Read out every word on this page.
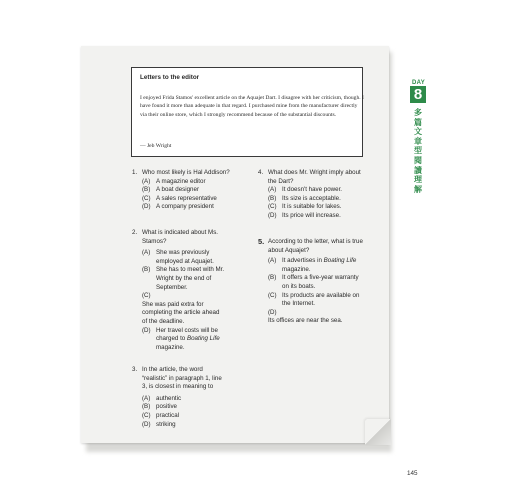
Letters to the editor
I enjoyed Frida Stamos' excellent article on the Aquajet Dart. I disagree with her criticism, though. I have found it more than adequate in that regard. I purchased mine from the manufacturer directly via their online store, which I strongly recommend because of the substantial discounts.
— Jeb Wright
1. Who most likely is Hal Addison?
(A) A magazine editor
(B) A boat designer
(C) A sales representative
(D) A company president
2. What is indicated about Ms. Stamos?
(A) She was previously employed at Aquajet.
(B) She has to meet with Mr. Wright by the end of September.
(C)She was paid extra for completing the article ahead of the deadline.
(D) Her travel costs will be charged to Boating Life magazine.
3. In the article, the word “realistic” in paragraph 1, line 3, is closest in meaning to
(A) authentic
(B) positive
(C) practical
(D) striking
4. What does Mr. Wright imply about the Dart?
(A) It doesn't have power.
(B) Its size is acceptable.
(C) It is suitable for lakes.
(D) Its price will increase.
5. According to the letter, what is true about Aquajet?
(A) It advertises in Boating Life magazine.
(B) It offers a five-year warranty on its boats.
(C) Its products are available on the Internet.
(D)Its offices are near the sea.
DAY
8
多篇文章型閱讀理解
145
